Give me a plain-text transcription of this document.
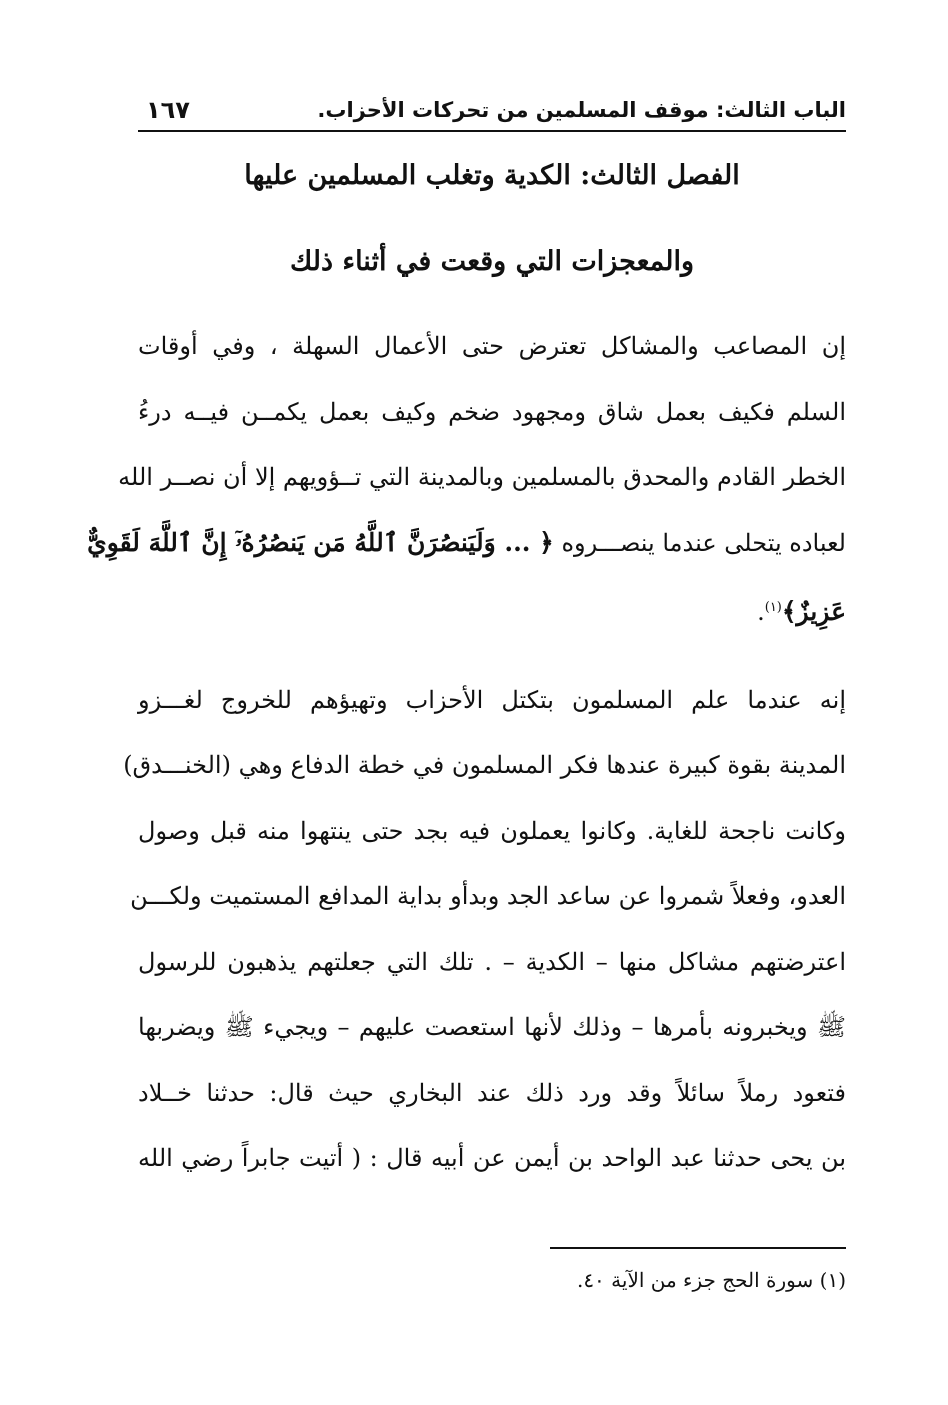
الباب الثالث: موقف المسلمين من تحركات الأحزاب.
١٦٧
الفصل الثالث: الكدية وتغلب المسلمين عليها
والمعجزات التي وقعت في أثناء ذلك
إن المصاعب والمشاكل تعترض حتى الأعمال السهلة ، وفي أوقات
السلم فكيف بعمل شاق ومجهود ضخم وكيف بعمل يكمــن فيــه درءُ
الخطر القادم والمحدق بالمسلمين وبالمدينة التي تــؤويهم إلا أن نصــر الله
لعباده يتحلى عندما ينصـــروه ﴿ ... وَلَيَنصُرَنَّ ٱللَّهُ مَن يَنصُرُهُۥٓ إِنَّ ٱللَّهَ لَقَوِيٌّ
عَزِيزٌ﴾$^{(١)}$.
إنه عندما علم المسلمون بتكتل الأحزاب وتهيؤهم للخروج لغـــزو
المدينة بقوة كبيرة عندها فكر المسلمون في خطة الدفاع وهي (الخنـــدق)
وكانت ناجحة للغاية. وكانوا يعملون فيه بجد حتى ينتهوا منه قبل وصول
العدو، وفعلاً شمروا عن ساعد الجد وبدأو بداية المدافع المستميت ولكـــن
اعترضتهم مشاكل منها – الكدية – . تلك التي جعلتهم يذهبون للرسول
ﷺ ويخبرونه بأمرها – وذلك لأنها استعصت عليهم – ويجيء ﷺ ويضربها
فتعود رملاً سائلاً وقد ورد ذلك عند البخاري حيث قال: حدثنا خــلاد
بن يحى حدثنا عبد الواحد بن أيمن عن أبيه قال : ( أتيت جابراً رضي الله
(١) سورة الحج جزء من الآية ٤٠.
